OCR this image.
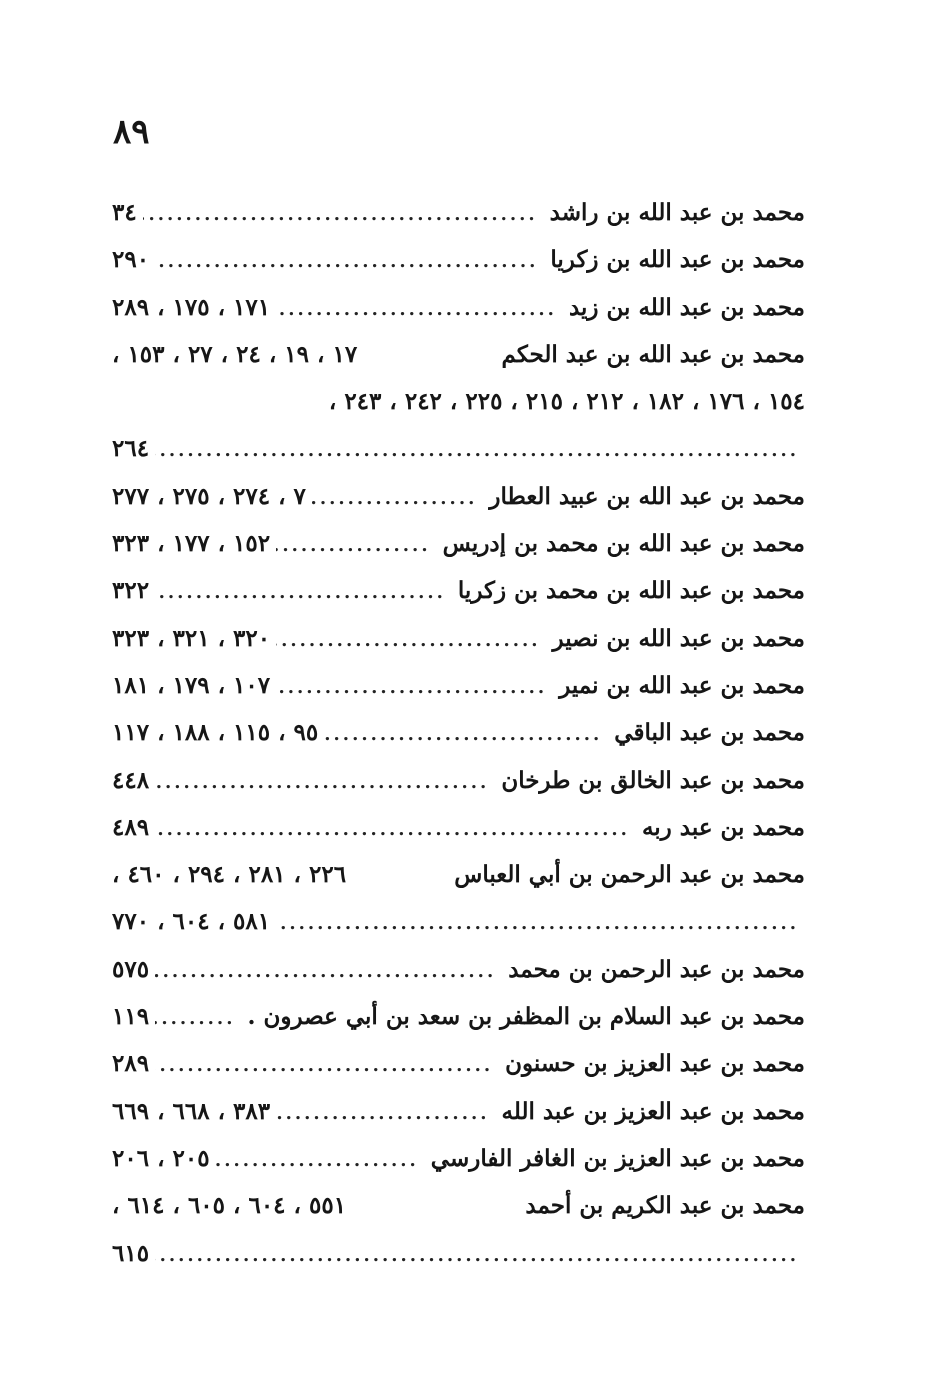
٨٩
محمد بن عبد الله بن راشد
.....
٣٤
محمد بن عبد الله بن زكريا
.....
٢٩٠
محمد بن عبد الله بن زيد
.....
١٧١ ، ١٧٥ ، ٢٨٩
محمد بن عبد الله بن عبد الحكم
١٧ ، ١٩ ، ٢٤ ، ٢٧ ، ١٥٣ ،
١٥٤ ، ١٧٦ ، ١٨٢ ، ٢١٢ ، ٢١٥ ، ٢٢٥ ، ٢٤٢ ، ٢٤٣ ،
.....
٢٦٤
محمد بن عبد الله بن عبيد العطار
.....
٧ ، ٢٧٤ ، ٢٧٥ ، ٢٧٧
محمد بن عبد الله بن محمد بن إدريس
.....
١٥٢ ، ١٧٧ ، ٣٢٣
محمد بن عبد الله بن محمد بن زكريا
.....
٣٢٢
محمد بن عبد الله بن نصير
.....
٣٢٠ ، ٣٢١ ، ٣٢٣
محمد بن عبد الله بن نمير
.....
١٠٧ ، ١٧٩ ، ١٨١
محمد بن عبد الباقي
.....
٩٥ ، ١١٥ ، ١٨٨ ، ١١٧
محمد بن عبد الخالق بن طرخان
.....
٤٤٨
محمد بن عبد ربه
.....
٤٨٩
محمد بن عبد الرحمن بن أبي العباس
٢٢٦ ، ٢٨١ ، ٢٩٤ ، ٤٦٠ ،
.....
٥٨١ ، ٦٠٤ ، ٧٧٠
محمد بن عبد الرحمن بن محمد
.....
٥٧٥
محمد بن عبد السلام بن المظفر بن سعد بن أبي عصرون .
.....
١١٩
محمد بن عبد العزيز بن حسنون
.....
٢٨٩
محمد بن عبد العزيز بن عبد الله
.....
٣٨٣ ، ٦٦٨ ، ٦٦٩
محمد بن عبد العزيز بن الغافر الفارسي
.....
٢٠٥ ، ٢٠٦
محمد بن عبد الكريم بن أحمد
٥٥١ ، ٦٠٤ ، ٦٠٥ ، ٦١٤ ،
.....
٦١٥
